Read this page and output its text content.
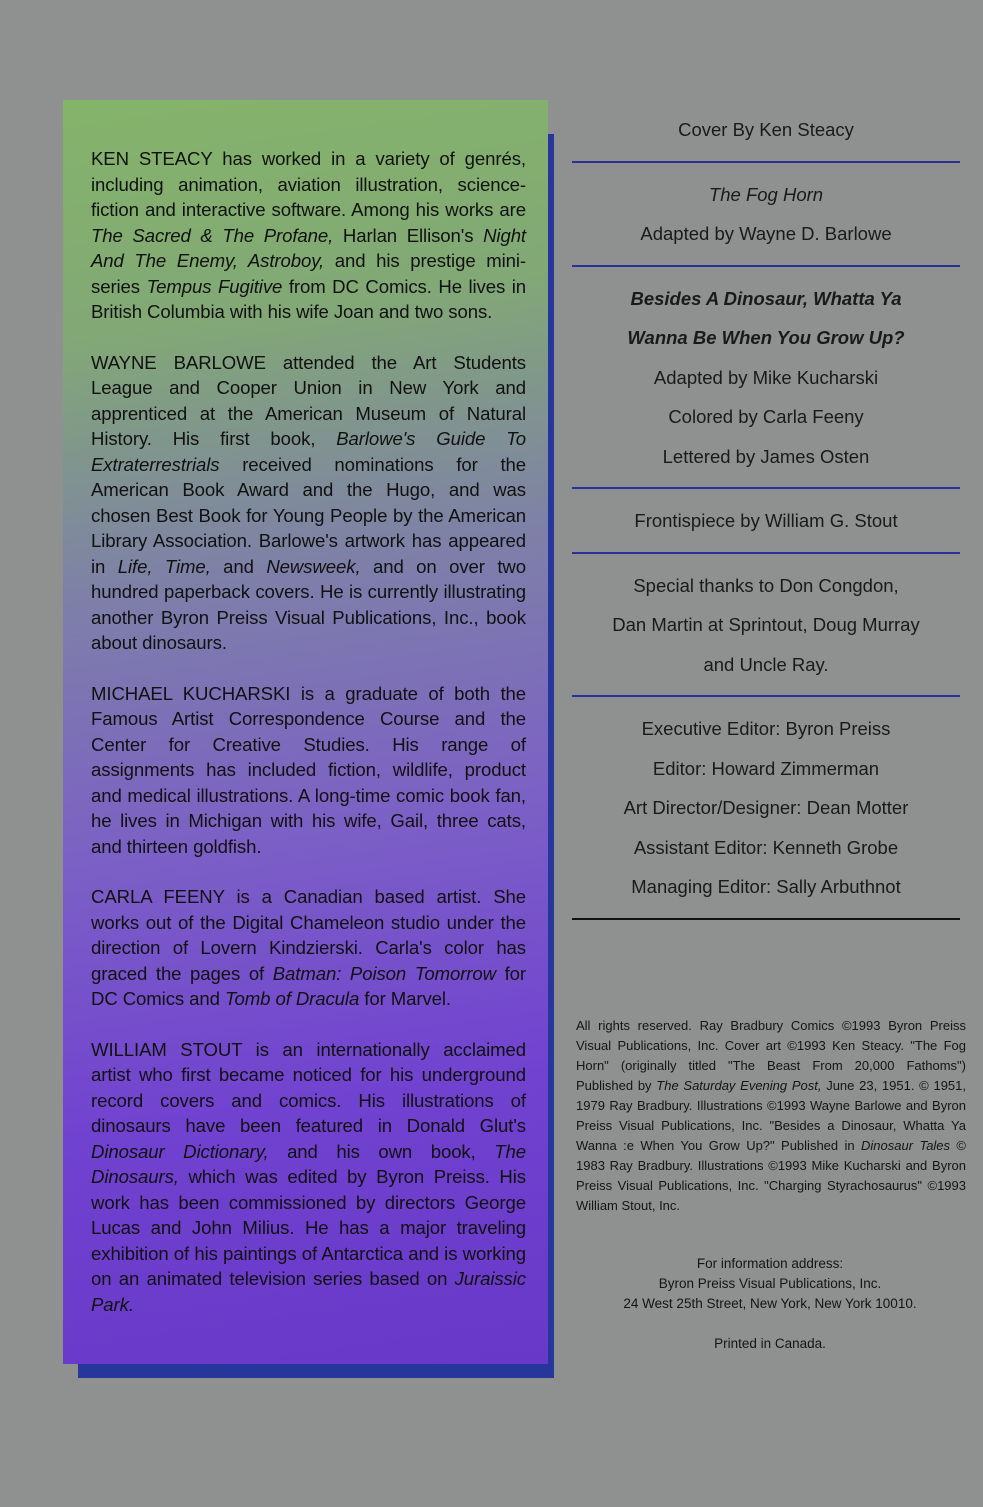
KEN STEACY has worked in a variety of genrés, including animation, aviation illustration, science-fiction and interactive software. Among his works are The Sacred & The Profane, Harlan Ellison's Night And The Enemy, Astroboy, and his prestige mini-series Tempus Fugitive from DC Comics. He lives in British Columbia with his wife Joan and two sons.

WAYNE BARLOWE attended the Art Students League and Cooper Union in New York and apprenticed at the American Museum of Natural History. His first book, Barlowe's Guide To Extraterrestrials received nominations for the American Book Award and the Hugo, and was chosen Best Book for Young People by the American Library Association. Barlowe's artwork has appeared in Life, Time, and Newsweek, and on over two hundred paperback covers. He is currently illustrating another Byron Preiss Visual Publications, Inc., book about dinosaurs.

MICHAEL KUCHARSKI is a graduate of both the Famous Artist Correspondence Course and the Center for Creative Studies. His range of assignments has included fiction, wildlife, product and medical illustrations. A long-time comic book fan, he lives in Michigan with his wife, Gail, three cats, and thirteen goldfish.

CARLA FEENY is a Canadian based artist. She works out of the Digital Chameleon studio under the direction of Lovern Kindzierski. Carla's color has graced the pages of Batman: Poison Tomorrow for DC Comics and Tomb of Dracula for Marvel.

WILLIAM STOUT is an internationally acclaimed artist who first became noticed for his underground record covers and comics. His illustrations of dinosaurs have been featured in Donald Glut's Dinosaur Dictionary, and his own book, The Dinosaurs, which was edited by Byron Preiss. His work has been commissioned by directors George Lucas and John Milius. He has a major traveling exhibition of his paintings of Antarctica and is working on an animated television series based on Juraissic Park.

Cover By Ken Steacy
The Fog Horn
Adapted by Wayne D. Barlowe
Besides A Dinosaur, Whatta Ya
Wanna Be When You Grow Up?
Adapted by Mike Kucharski
Colored by Carla Feeny
Lettered by James Osten
Frontispiece by William G. Stout
Special thanks to Don Congdon,
Dan Martin at Sprintout, Doug Murray
and Uncle Ray.
Executive Editor: Byron Preiss
Editor: Howard Zimmerman
Art Director/Designer: Dean Motter
Assistant Editor: Kenneth Grobe
Managing Editor: Sally Arbuthnot

All rights reserved. Ray Bradbury Comics ©1993 Byron Preiss Visual Publications, Inc. Cover art ©1993 Ken Steacy. "The Fog Horn" (originally titled "The Beast From 20,000 Fathoms") Published by The Saturday Evening Post, June 23, 1951. © 1951, 1979 Ray Bradbury. Illustrations ©1993 Wayne Barlowe and Byron Preiss Visual Publications, Inc. "Besides a Dinosaur, Whatta Ya Wanna :e When You Grow Up?" Published in Dinosaur Tales © 1983 Ray Bradbury. Illustrations ©1993 Mike Kucharski and Byron Preiss Visual Publications, Inc. "Charging Styrachosaurus" ©1993 William Stout, Inc.

For information address:
Byron Preiss Visual Publications, Inc.
24 West 25th Street, New York, New York 10010.
Printed in Canada.
